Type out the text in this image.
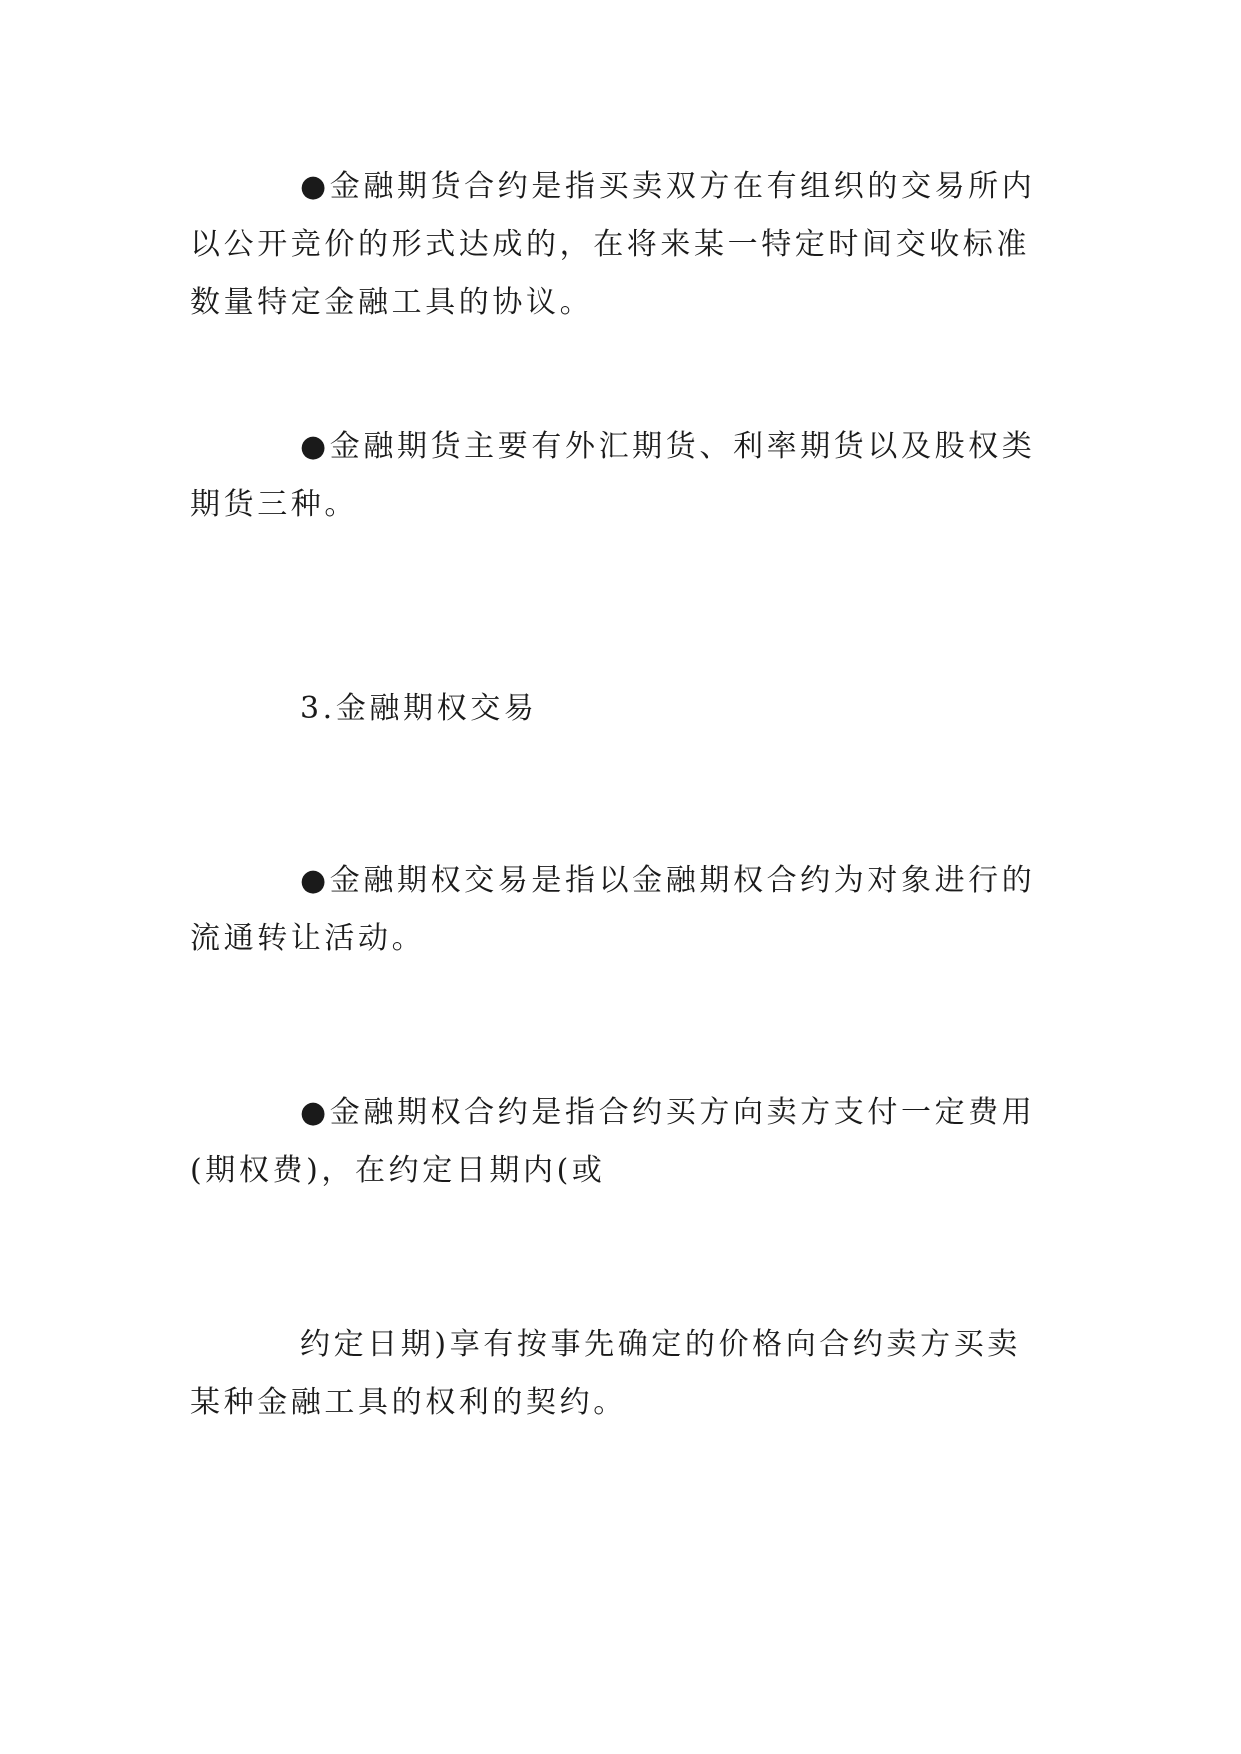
●金融期货合约是指买卖双方在有组织的交易所内以公开竞价的形式达成的，在将来某一特定时间交收标准数量特定金融工具的协议。

●金融期货主要有外汇期货、利率期货以及股权类期货三种。

3.金融期权交易

●金融期权交易是指以金融期权合约为对象进行的流通转让活动。

●金融期权合约是指合约买方向卖方支付一定费用(期权费)，在约定日期内(或

约定日期)享有按事先确定的价格向合约卖方买卖某种金融工具的权利的契约。
